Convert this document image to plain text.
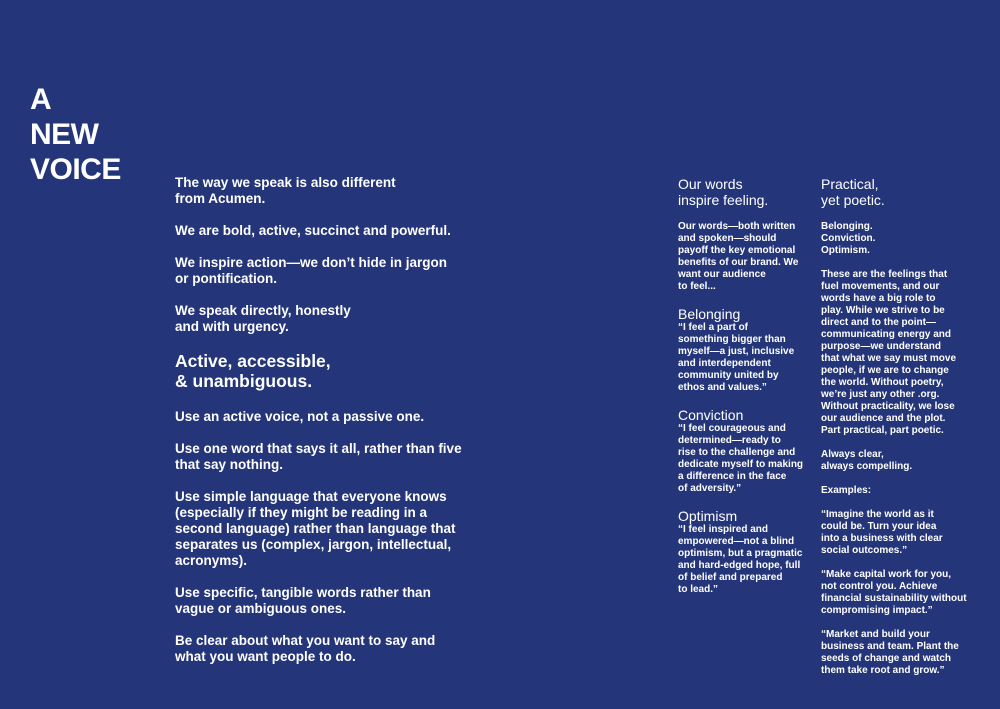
A
NEW
VOICE	The way we speak is also different
from Acumen.

We are bold, active, succinct and powerful.

We inspire action—we don’t hide in jargon
or pontification.

We speak directly, honestly
and with urgency.

Active, accessible,
& unambiguous.

Use an active voice, not a passive one.

Use one word that says it all, rather than five
that say nothing.

Use simple language that everyone knows
(especially if they might be reading in a
second language) rather than language that
separates us (complex, jargon, intellectual,
acronyms).

Use specific, tangible words rather than
vague or ambiguous ones.

Be clear about what you want to say and
what you want people to do.

Our words
inspire feeling.

Our words—both written
and spoken—should
payoff the key emotional
benefits of our brand. We
want our audience
to feel...

Belonging

“I feel a part of
something bigger than
myself—a just, inclusive
and interdependent
community united by
ethos and values.”

Conviction

“I feel courageous and
determined—ready to
rise to the challenge and
dedicate myself to making
a difference in the face
of adversity.”

Optimism

“I feel inspired and
empowered—not a blind
optimism, but a pragmatic
and hard-edged hope, full
of belief and prepared
to lead.”

Practical,
yet poetic.

Belonging.
Conviction.
Optimism.

These are the feelings that
fuel movements, and our
words have a big role to
play. While we strive to be
direct and to the point—
communicating energy and
purpose—we understand
that what we say must move
people, if we are to change
the world. Without poetry,
we’re just any other .org.
Without practicality, we lose
our audience and the plot.
Part practical, part poetic.

Always clear,
always compelling.

Examples:

“Imagine the world as it
could be. Turn your idea
into a business with clear
social outcomes.”

“Make capital work for you,
not control you. Achieve
financial sustainability without
compromising impact.”

“Market and build your
business and team. Plant the
seeds of change and watch
them take root and grow.”
